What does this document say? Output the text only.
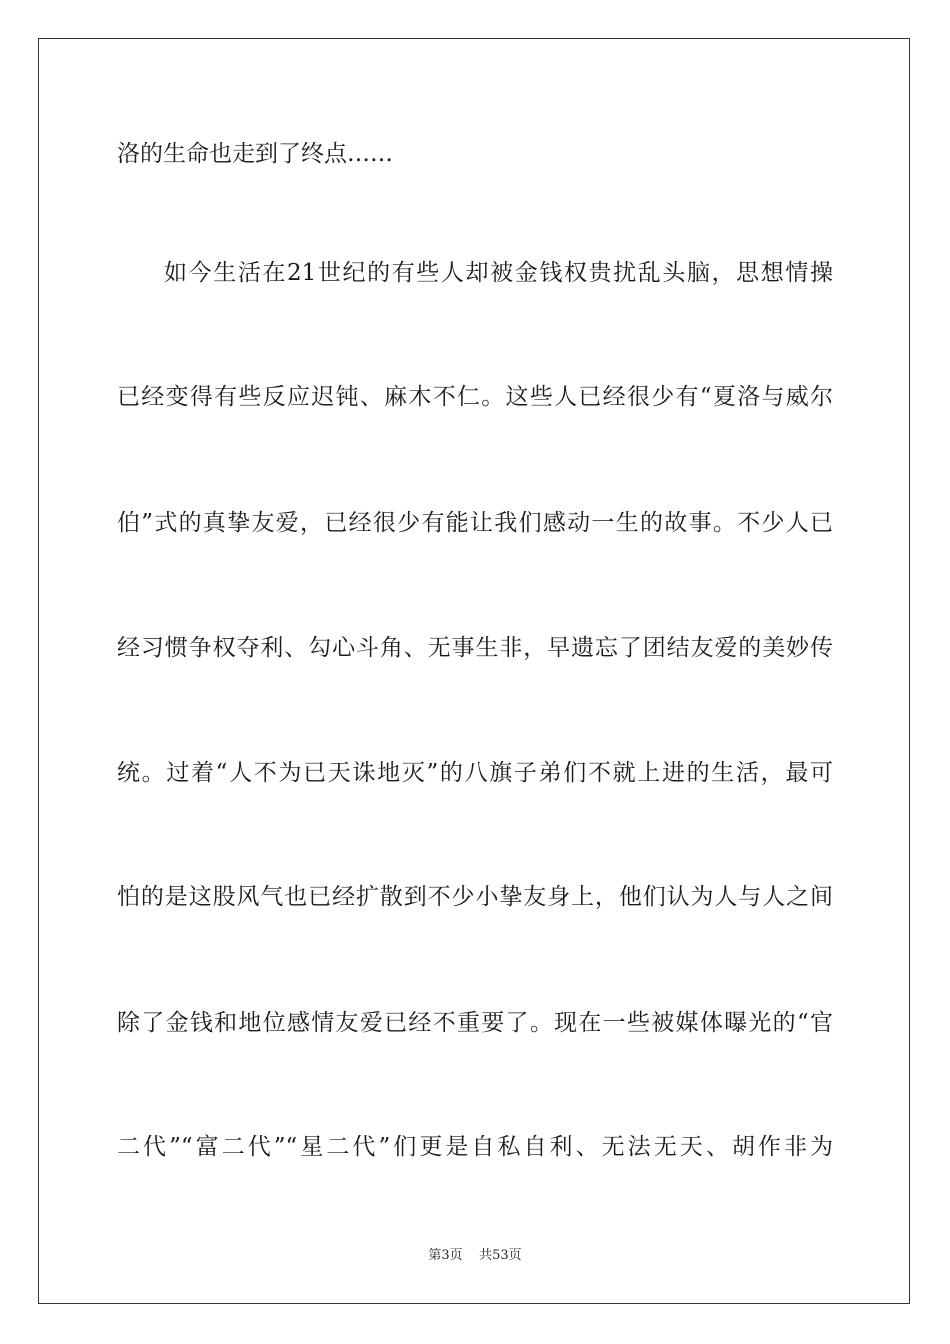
洛的生命也走到了终点……
如今生活在21世纪的有些人却被金钱权贵扰乱头脑，思想情操
已经变得有些反应迟钝、麻木不仁。这些人已经很少有“夏洛与威尔
伯”式的真挚友爱，已经很少有能让我们感动一生的故事。不少人已
经习惯争权夺利、勾心斗角、无事生非，早遗忘了团结友爱的美妙传
统。过着“人不为已天诛地灭”的八旗子弟们不就上进的生活，最可
怕的是这股风气也已经扩散到不少小挚友身上，他们认为人与人之间
除了金钱和地位感情友爱已经不重要了。现在一些被媒体曝光的“官
二代”“富二代”“星二代”们更是自私自利、无法无天、胡作非为
第3页 共53页
